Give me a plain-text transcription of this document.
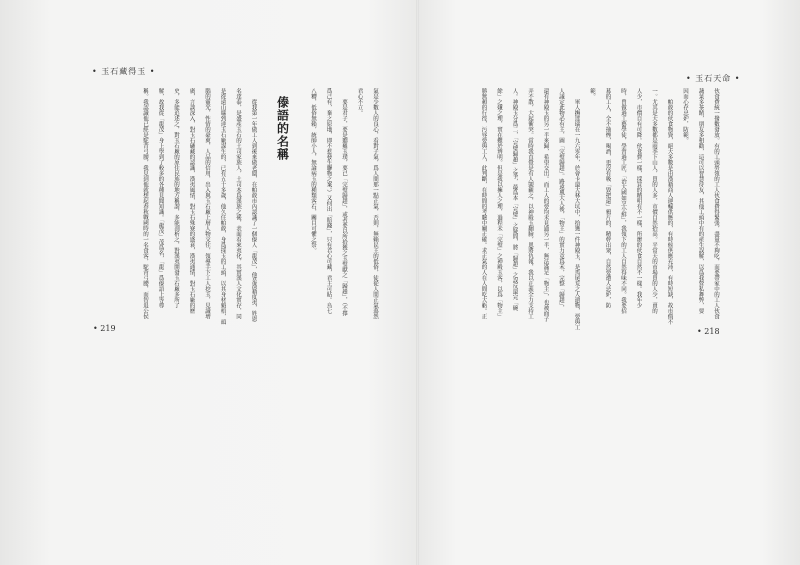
• 玉石藏得玉 •
• 玉石天命 •
氣是少數人的良心，看對子氣，爲人間那一點正氣，否則，無賴民主的低俗，徒從人間正氣蕩然
君心不立。
要是君子，要是聽羅玉璞，要已「完璧歸趙」，或者要以所拾獲之玉璧獻之「歸趙」，（不擇
爲己有，棄之原地，即不惹發生聯物之案。）又何出「賠錢」，只有君心可藏，君主可貼。烏七
八糟，低俗無賴，統帥小人，無論病玉的種類客石，關目可懼之祭。
傣語的名稱
從我第一年做工人到後來做老闆，在帕敢市內認識了一個傣人「龍茂」，他是漢籍度夷，姓恩
名達泰，是盛產玉石的土司家族人，土司本爲漢族之後，表面看來夷化，其實漢人文化實存，同
是從遠山縣到達玉石廠謀生的，已有五十多歲，他久住帕敢，身爲採玉的工頭，以其身材魁梧，頭
腦的靈光，性情的豪爽，人品的信用，出入與玉石廠上層人物交往，領導手下工人挖玉，見識增
廣，言談深入，對玉石礦藏的認識，漢夷風情，對玉石殊寮的盛衰，漢夷通情，對玉石廠的歷
史，多能追述之，對玉石廠的原住民族的地方稱謂，多能剖析之，對漢夷開發玉石廠多所了
解，故我從「龍茂」身上學到了較多的各種見聞知識。「龍茂」茂爲名，「龍」爲傣語上等尊
稱。我認識他已經是駝背弓腰，我見到他就想起春秋戰國時的一名食客，駝背弓腰，而智退公侯	伙食費統一撥數發放。有的工頭勞領的工人伙食費得緊張，盡量不夠吃，而要帶家中的工人伙食
蔬菜多茶餚，朋友多相勸，這可以智慧待友，其他工頭中有的產生誤解，以爲我營私舞弊，要
因而心存忌妒，防範。
帕敢的伙食物資，絕大多數是由漢籍商人運輸供應的，有時候供應充沛，有時短缺，故市價不
一。尤其是大多數都是雨季下山人，買的人多，市價自然抬高。平常天的市場買的人少，賣的
人少，市價自有可降。伙食費一樣，採買的精明有不一樣，所辦的伙食自然不一樣。我年少
時，曾做過工藝學徒，學習過工匠，「治大國如烹小鮮」，我領下的工人自然得味不同。我要招
募的工人，全不抽煙，喝酒，更沒有吸「毀把還」鴉片的，精幹出衆，自然要遭人忌妒，防
範。
軍人撫達瑞在一九六零年，於會卡還大林大坑中，拾獲一件神殿玉，是馬尾荒之人遺物，要與工
人議定此物必有主，圖「完璧歸趙」。路遠風大人後，「物主」的實力竟爲禾，完整「歸趙」，
還有神殿玉的另一半來歸，希望交出。而工人的要均未見過另一半，無法滿足「物主」，也被面子
弄不散，大起衝突。當時我直覺是有人覬覦之，以神殿玉翻臉，恩將仇報，我以正義全力支持工
人。神殿玉分爲二，「完璧歸趙」之爭，最爲本「完璧」之疑問，將「歸趙」之誤反還完「碗
餘」之嫌之理，實在難於辨明。但是我以擁人之理，過程未「完璧」之神殿玉客，以爲「物主」
勝無頼的行徑，污辱要與工人，此判斷，在時間的考驗中屬正確。求正氣的人在人間吃大虧。正
• 219	• 218
